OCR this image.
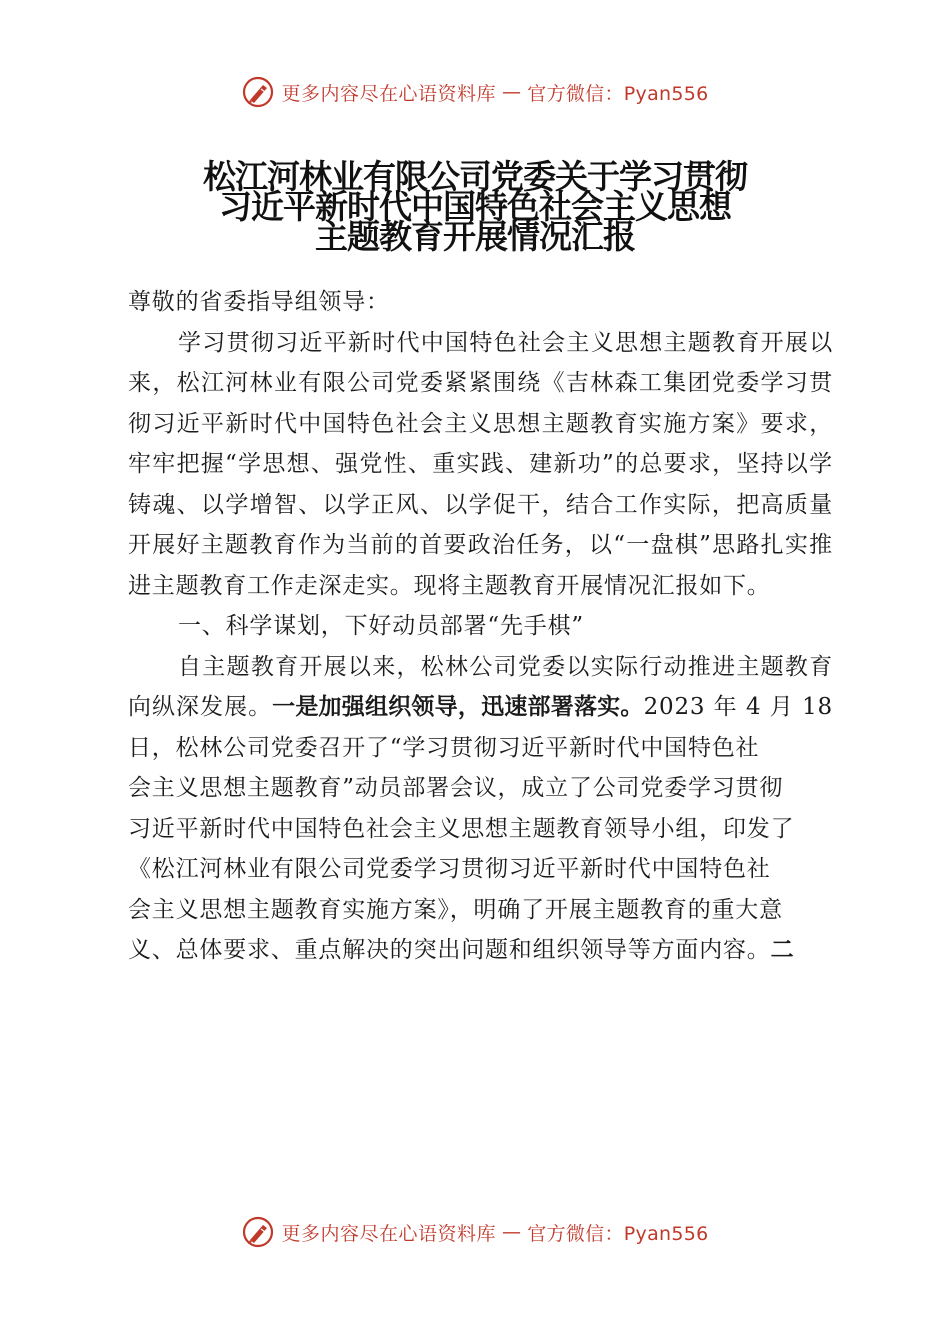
更多内容尽在心语资料库 — 官方微信：Pyan556
松江河林业有限公司党委关于学习贯彻
习近平新时代中国特色社会主义思想
主题教育开展情况汇报

尊敬的省委指导组领导：

学习贯彻习近平新时代中国特色社会主义思想主题教育开展以来，松江河林业有限公司党委紧紧围绕《吉林森工集团党委学习贯彻习近平新时代中国特色社会主义思想主题教育实施方案》要求，牢牢把握“学思想、强党性、重实践、建新功”的总要求，坚持以学铸魂、以学增智、以学正风、以学促干，结合工作实际，把高质量开展好主题教育作为当前的首要政治任务，以“一盘棋”思路扎实推进主题教育工作走深走实。现将主题教育开展情况汇报如下。

一、科学谋划，下好动员部署“先手棋”

自主题教育开展以来，松林公司党委以实际行动推进主题教育向纵深发展。一是加强组织领导，迅速部署落实。2023 年 4 月 18 日，松林公司党委召开了“学习贯彻习近平新时代中国特色社

会主义思想主题教育”动员部署会议，成立了公司党委学习贯彻

习近平新时代中国特色社会主义思想主题教育领导小组，印发了

《松江河林业有限公司党委学习贯彻习近平新时代中国特色社

会主义思想主题教育实施方案》，明确了开展主题教育的重大意

义、总体要求、重点解决的突出问题和组织领导等方面内容。二

更多内容尽在心语资料库 — 官方微信：Pyan556
